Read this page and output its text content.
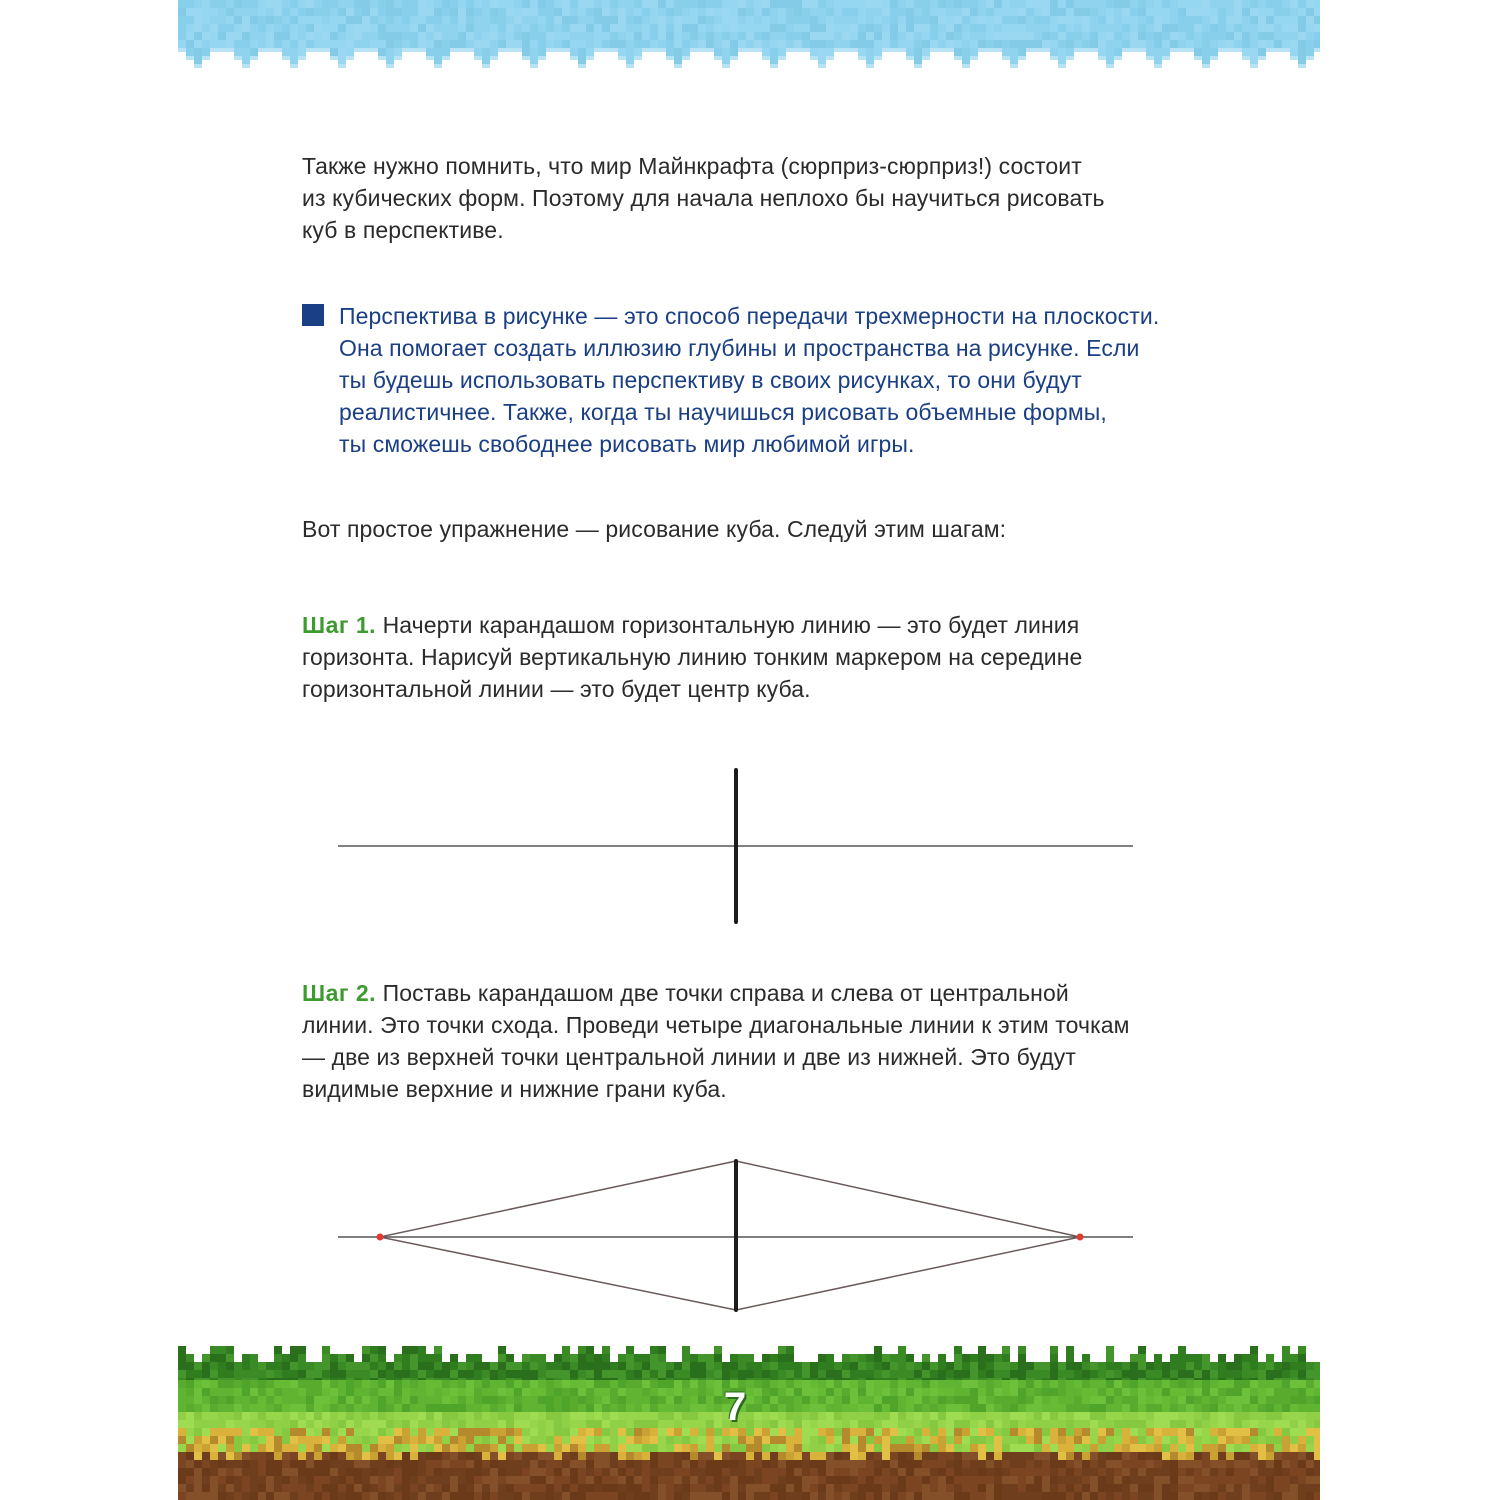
Также нужно помнить, что мир Майнкрафта (сюрприз-сюрприз!) состоит
из кубических форм. Поэтому для начала неплохо бы научиться рисовать
куб в перспективе.
Перспектива в рисунке — это способ передачи трехмерности на плоскости.
Она помогает создать иллюзию глубины и пространства на рисунке. Если
ты будешь использовать перспективу в своих рисунках, то они будут
реалистичнее. Также, когда ты научишься рисовать объемные формы,
ты сможешь свободнее рисовать мир любимой игры.
Вот простое упражнение — рисование куба. Следуй этим шагам:
Шаг 1. Начерти карандашом горизонтальную линию — это будет линия
горизонта. Нарисуй вертикальную линию тонким маркером на середине
горизонтальной линии — это будет центр куба.
Шаг 2. Поставь карандашом две точки справа и слева от центральной
линии. Это точки схода. Проведи четыре диагональные линии к этим точкам
— две из верхней точки центральной линии и две из нижней. Это будут
видимые верхние и нижние грани куба.
7
